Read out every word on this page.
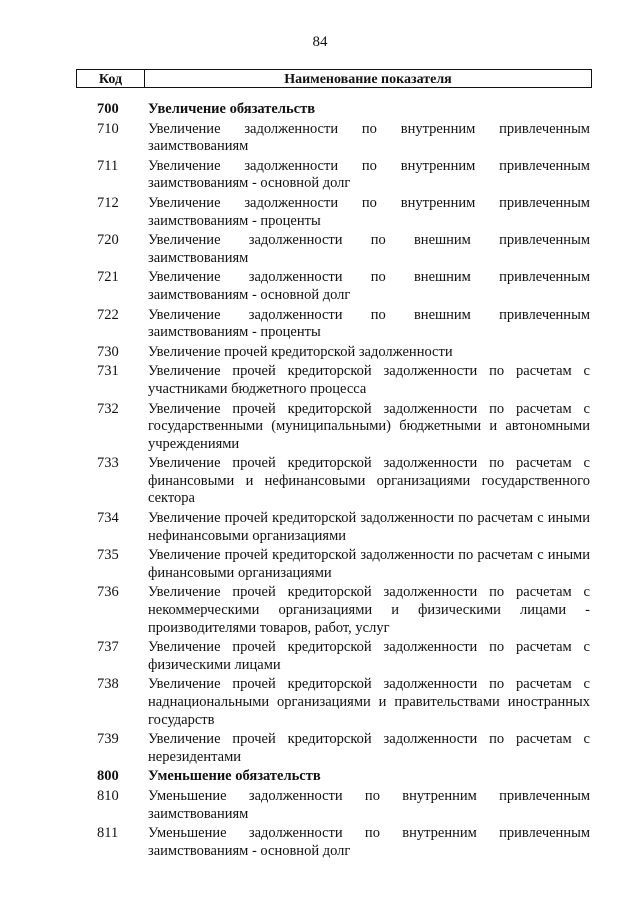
84
Код	Наименование показателя
700	Увеличение обязательств
710	Увеличение задолженности по внутренним привлеченным заимствованиям
711	Увеличение задолженности по внутренним привлеченным заимствованиям - основной долг
712	Увеличение задолженности по внутренним привлеченным заимствованиям - проценты
720	Увеличение задолженности по внешним привлеченным заимствованиям
721	Увеличение задолженности по внешним привлеченным заимствованиям - основной долг
722	Увеличение задолженности по внешним привлеченным заимствованиям - проценты
730	Увеличение прочей кредиторской задолженности
731	Увеличение прочей кредиторской задолженности по расчетам с участниками бюджетного процесса
732	Увеличение прочей кредиторской задолженности по расчетам с государственными (муниципальными) бюджетными и автономными учреждениями
733	Увеличение прочей кредиторской задолженности по расчетам с финансовыми и нефинансовыми организациями государственного сектора
734	Увеличение прочей кредиторской задолженности по расчетам с иными нефинансовыми организациями
735	Увеличение прочей кредиторской задолженности по расчетам с иными финансовыми организациями
736	Увеличение прочей кредиторской задолженности по расчетам с некоммерческими организациями и физическими лицами - производителями товаров, работ, услуг
737	Увеличение прочей кредиторской задолженности по расчетам с физическими лицами
738	Увеличение прочей кредиторской задолженности по расчетам с наднациональными организациями и правительствами иностранных государств
739	Увеличение прочей кредиторской задолженности по расчетам с нерезидентами
800	Уменьшение обязательств
810	Уменьшение задолженности по внутренним привлеченным заимствованиям
811	Уменьшение задолженности по внутренним привлеченным заимствованиям - основной долг
